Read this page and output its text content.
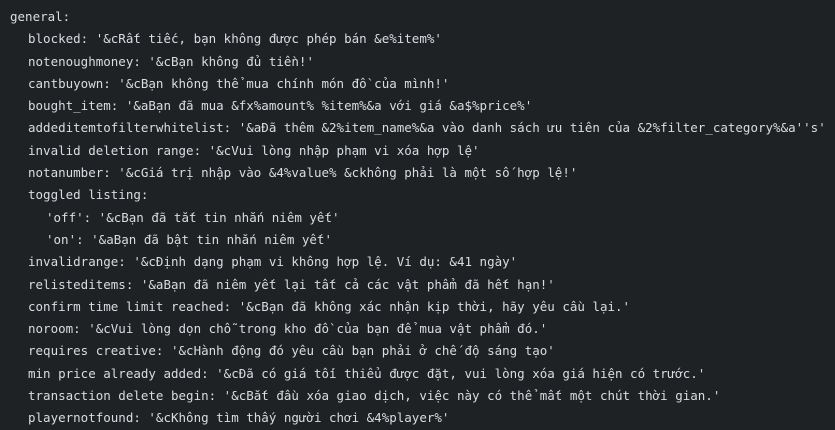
general:
blocked: '&cRất tiếc, bạn không được phép bán &e%item%'
notenoughmoney: '&cBạn không đủ tiền!'
cantbuyown: '&cBạn không thể mua chính món đồ của mình!'
bought_item: '&aBạn đã mua &fx%amount% %item%&a với giá &a$%price%'
addeditemtofilterwhitelist: '&aĐã thêm &2%item_name%&a vào danh sách ưu tiên của &2%filter_category%&a''s'
invalid deletion range: '&cVui lòng nhập phạm vi xóa hợp lệ'
notanumber: '&cGiá trị nhập vào &4%value% &ckhông phải là một số hợp lệ!'
toggled listing:
'off': '&cBạn đã tắt tin nhắn niêm yết'
'on': '&aBạn đã bật tin nhắn niêm yết'
invalidrange: '&cĐịnh dạng phạm vi không hợp lệ. Ví dụ: &41 ngày'
relisteditems: '&aBạn đã niêm yết lại tất cả các vật phẩm đã hết hạn!'
confirm time limit reached: '&cBạn đã không xác nhận kịp thời, hãy yêu cầu lại.'
noroom: '&cVui lòng dọn chỗ trong kho đồ của bạn để mua vật phẩm đó.'
requires creative: '&cHành động đó yêu cầu bạn phải ở chế độ sáng tạo'
min price already added: '&cĐã có giá tối thiểu được đặt, vui lòng xóa giá hiện có trước.'
transaction delete begin: '&cBắt đầu xóa giao dịch, việc này có thể mất một chút thời gian.'
playernotfound: '&cKhông tìm thấy người chơi &4%player%'
